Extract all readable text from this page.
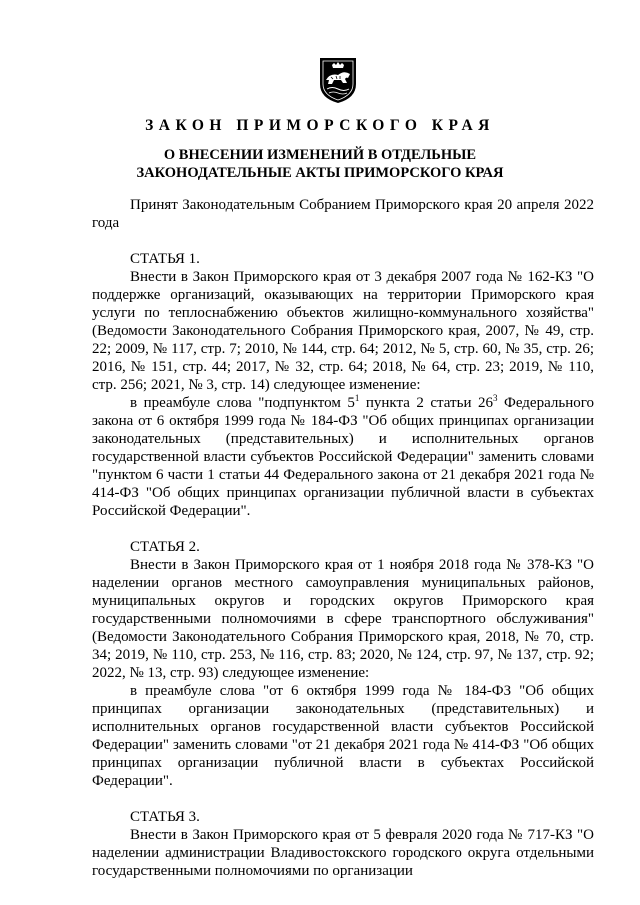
ЗАКОН ПРИМОРСКОГО КРАЯ
О ВНЕСЕНИИ ИЗМЕНЕНИЙ В ОТДЕЛЬНЫЕ
ЗАКОНОДАТЕЛЬНЫЕ АКТЫ ПРИМОРСКОГО КРАЯ

Принят Законодательным Собранием Приморского края 20 апреля 2022 года

СТАТЬЯ 1.

Внести в Закон Приморского края от 3 декабря 2007 года № 162-КЗ "О поддержке организаций, оказывающих на территории Приморского края услуги по теплоснабжению объектов жилищно-коммунального хозяйства" (Ведомости Законодательного Собрания Приморского края, 2007, № 49, стр. 22; 2009, № 117, стр. 7; 2010, № 144, стр. 64; 2012, № 5, стр. 60, № 35, стр. 26; 2016, № 151, стр. 44; 2017, № 32, стр. 64; 2018, № 64, стр. 23; 2019, № 110, стр. 256; 2021, № 3, стр. 14) следующее изменение:

в преамбуле слова "подпунктом $5^1$ пункта 2 статьи $26^3$ Федерального закона от 6 октября 1999 года № 184-ФЗ "Об общих принципах организации законодательных (представительных) и исполнительных органов государственной власти субъектов Российской Федерации" заменить словами "пунктом 6 части 1 статьи 44 Федерального закона от 21 декабря 2021 года № 414-ФЗ "Об общих принципах организации публичной власти в субъектах Российской Федерации".

СТАТЬЯ 2.

Внести в Закон Приморского края от 1 ноября 2018 года № 378-КЗ "О наделении органов местного самоуправления муниципальных районов, муниципальных округов и городских округов Приморского края государственными полномочиями в сфере транспортного обслуживания" (Ведомости Законодательного Собрания Приморского края, 2018, № 70, стр. 34; 2019, № 110, стр. 253, № 116, стр. 83; 2020, № 124, стр. 97, № 137, стр. 92; 2022, № 13, стр. 93) следующее изменение:

в преамбуле слова "от 6 октября 1999 года № 184-ФЗ "Об общих принципах организации законодательных (представительных) и исполнительных органов государственной власти субъектов Российской Федерации" заменить словами "от 21 декабря 2021 года № 414-ФЗ "Об общих принципах организации публичной власти в субъектах Российской Федерации".

СТАТЬЯ 3.

Внести в Закон Приморского края от 5 февраля 2020 года № 717-КЗ "О наделении администрации Владивостокского городского округа отдельными государственными полномочиями по организации
